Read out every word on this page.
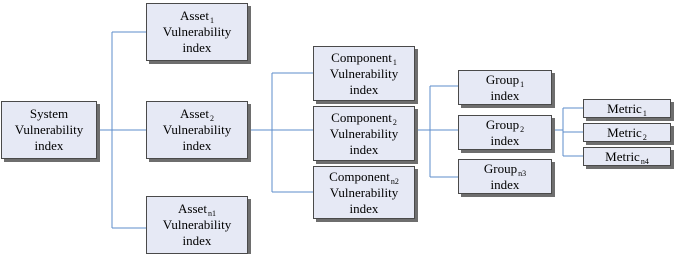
System
Vulnerability
index
Asset$_1$
Vulnerability
index
Asset$_2$
Vulnerability
index
Asset$_{n1}$
Vulnerability
index
Component$_1$
Vulnerability
index
Component$_2$
Vulnerability
index
Component$_{n2}$
Vulnerability
index
Group$_1$
index
Group$_2$
index
Group$_{n3}$
index
Metric$_1$
Metric$_2$
Metric$_{n4}$
